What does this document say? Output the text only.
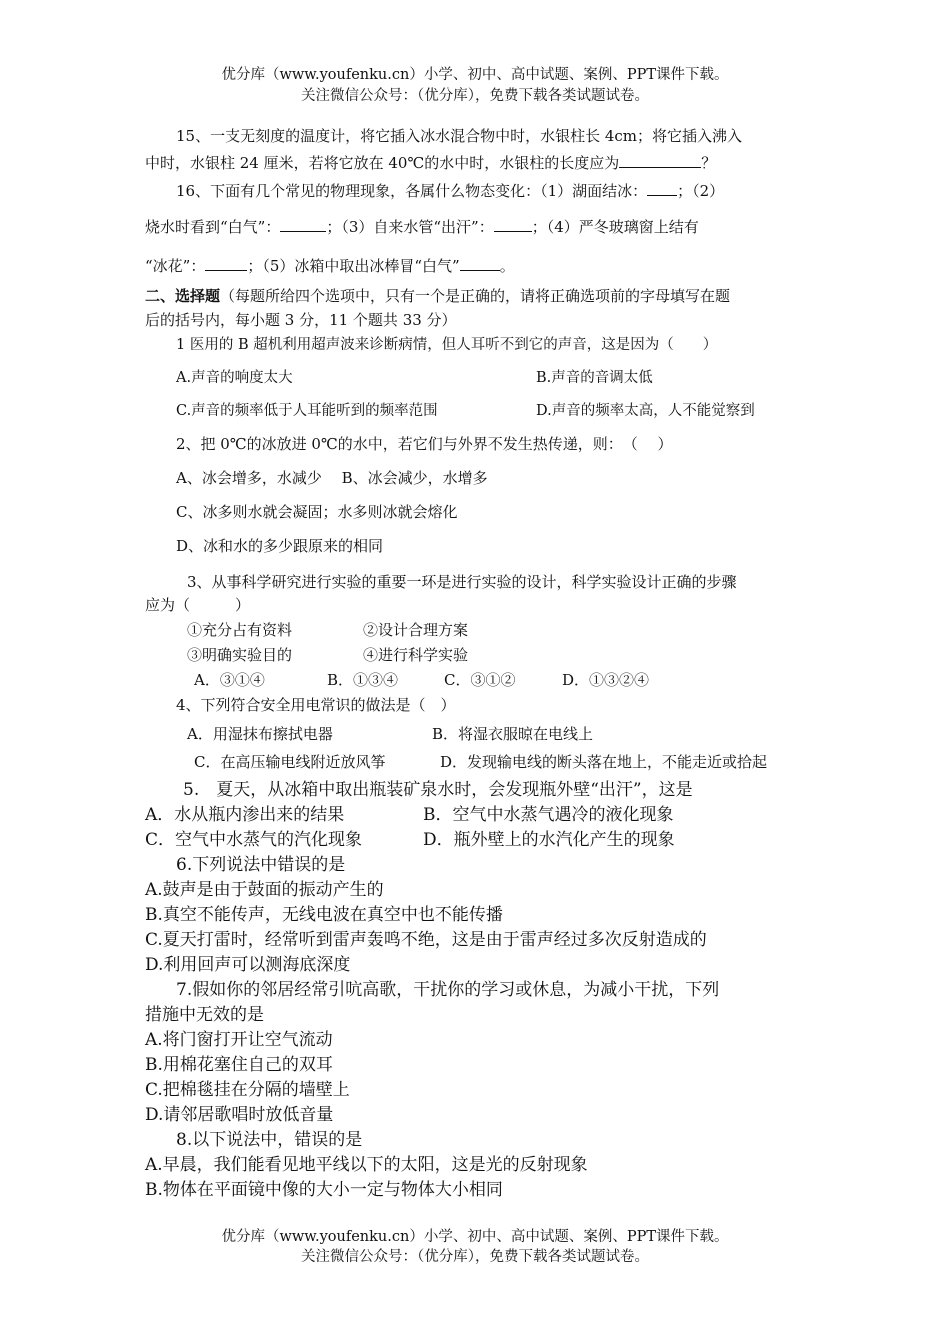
优分库（www.youfenku.cn）小学、初中、高中试题、案例、PPT课件下载。
关注微信公众号：（优分库），免费下载各类试题试卷。
15、一支无刻度的温度计，将它插入冰水混合物中时，水银柱长 4cm；将它插入沸入
中时，水银柱 24 厘米，若将它放在 40℃的水中时，水银柱的长度应为	？
16、下面有几个常见的物理现象，各属什么物态变化：（1）湖面结冰： ；（2）
烧水时看到“白气”：	；（3）自来水管“出汗”：	；（4）严冬玻璃窗上结有
“冰花”：	；（5）冰箱中取出冰棒冒“白气”	。
二、选择题（每题所给四个选项中，只有一个是正确的，请将正确选项前的字母填写在题
后的括号内，每小题 3 分，11 个题共 33 分）
1 医用的 B 超机利用超声波来诊断病情，但人耳听不到它的声音，这是因为（　　）
A.声音的响度太大	B.声音的音调太低
C.声音的频率低于人耳能听到的频率范围	D.声音的频率太高，人不能觉察到
2、把 0℃的冰放进 0℃的水中，若它们与外界不发生热传递，则：　（　 ）
A、冰会增多，水减少　 B、冰会减少，水增多
C、冰多则水就会凝固；水多则冰就会熔化
D、冰和水的多少跟原来的相同
3、从事科学研究进行实验的重要一环是进行实验的设计，科学实验设计正确的步骤
应为（　　　）
①充分占有资料	②设计合理方案
③明确实验目的	④进行科学实验
A．③①④	B．①③④	C．③①②	D．①③②④
4、下列符合安全用电常识的做法是（　）
A．用湿抹布擦拭电器	B．将湿衣服晾在电线上
C．在高压输电线附近放风筝	D．发现输电线的断头落在地上，不能走近或拾起
5.　夏天，从冰箱中取出瓶装矿泉水时，会发现瓶外壁“出汗”，这是
A．水从瓶内渗出来的结果	B．空气中水蒸气遇冷的液化现象
C．空气中水蒸气的汽化现象	D．瓶外壁上的水汽化产生的现象
6.下列说法中错误的是
A.鼓声是由于鼓面的振动产生的
B.真空不能传声，无线电波在真空中也不能传播
C.夏天打雷时，经常听到雷声轰鸣不绝，这是由于雷声经过多次反射造成的
D.利用回声可以测海底深度
7.假如你的邻居经常引吭高歌，干扰你的学习或休息，为减小干扰，下列
措施中无效的是
A.将门窗打开让空气流动
B.用棉花塞住自己的双耳
C.把棉毯挂在分隔的墙壁上
D.请邻居歌唱时放低音量
8.以下说法中，错误的是
A.早晨，我们能看见地平线以下的太阳，这是光的反射现象
B.物体在平面镜中像的大小一定与物体大小相同
优分库（www.youfenku.cn）小学、初中、高中试题、案例、PPT课件下载。
关注微信公众号：（优分库），免费下载各类试题试卷。
